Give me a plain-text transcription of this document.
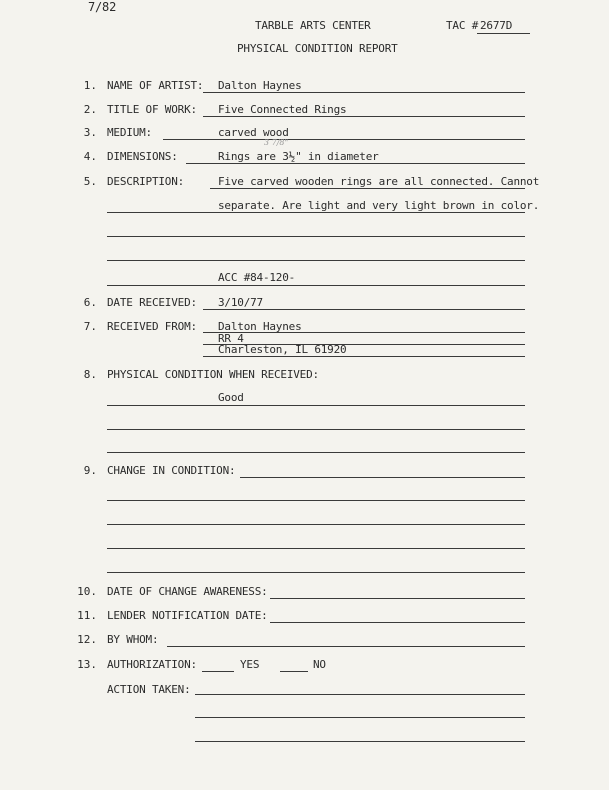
7/82
TARBLE ARTS CENTER	TAC # 2677D
PHYSICAL CONDITION REPORT
1. NAME OF ARTIST: Dalton Haynes
2. TITLE OF WORK: Five Connected Rings
3. MEDIUM:	carved wood
3 7/8"
4. DIMENSIONS:	Rings are 3½" in diameter
5. DESCRIPTION:	Five carved wooden rings are all connected. Cannot
separate. Are light and very light brown in color.
ACC #84-120-
6. DATE RECEIVED: 3/10/77
7. RECEIVED FROM: Dalton Haynes
RR 4
Charleston, IL 61920
8. PHYSICAL CONDITION WHEN RECEIVED:
Good
9. CHANGE IN CONDITION:
10. DATE OF CHANGE AWARENESS:
11. LENDER NOTIFICATION DATE:
12. BY WHOM:
13. AUTHORIZATION:	YES	NO
ACTION TAKEN:
